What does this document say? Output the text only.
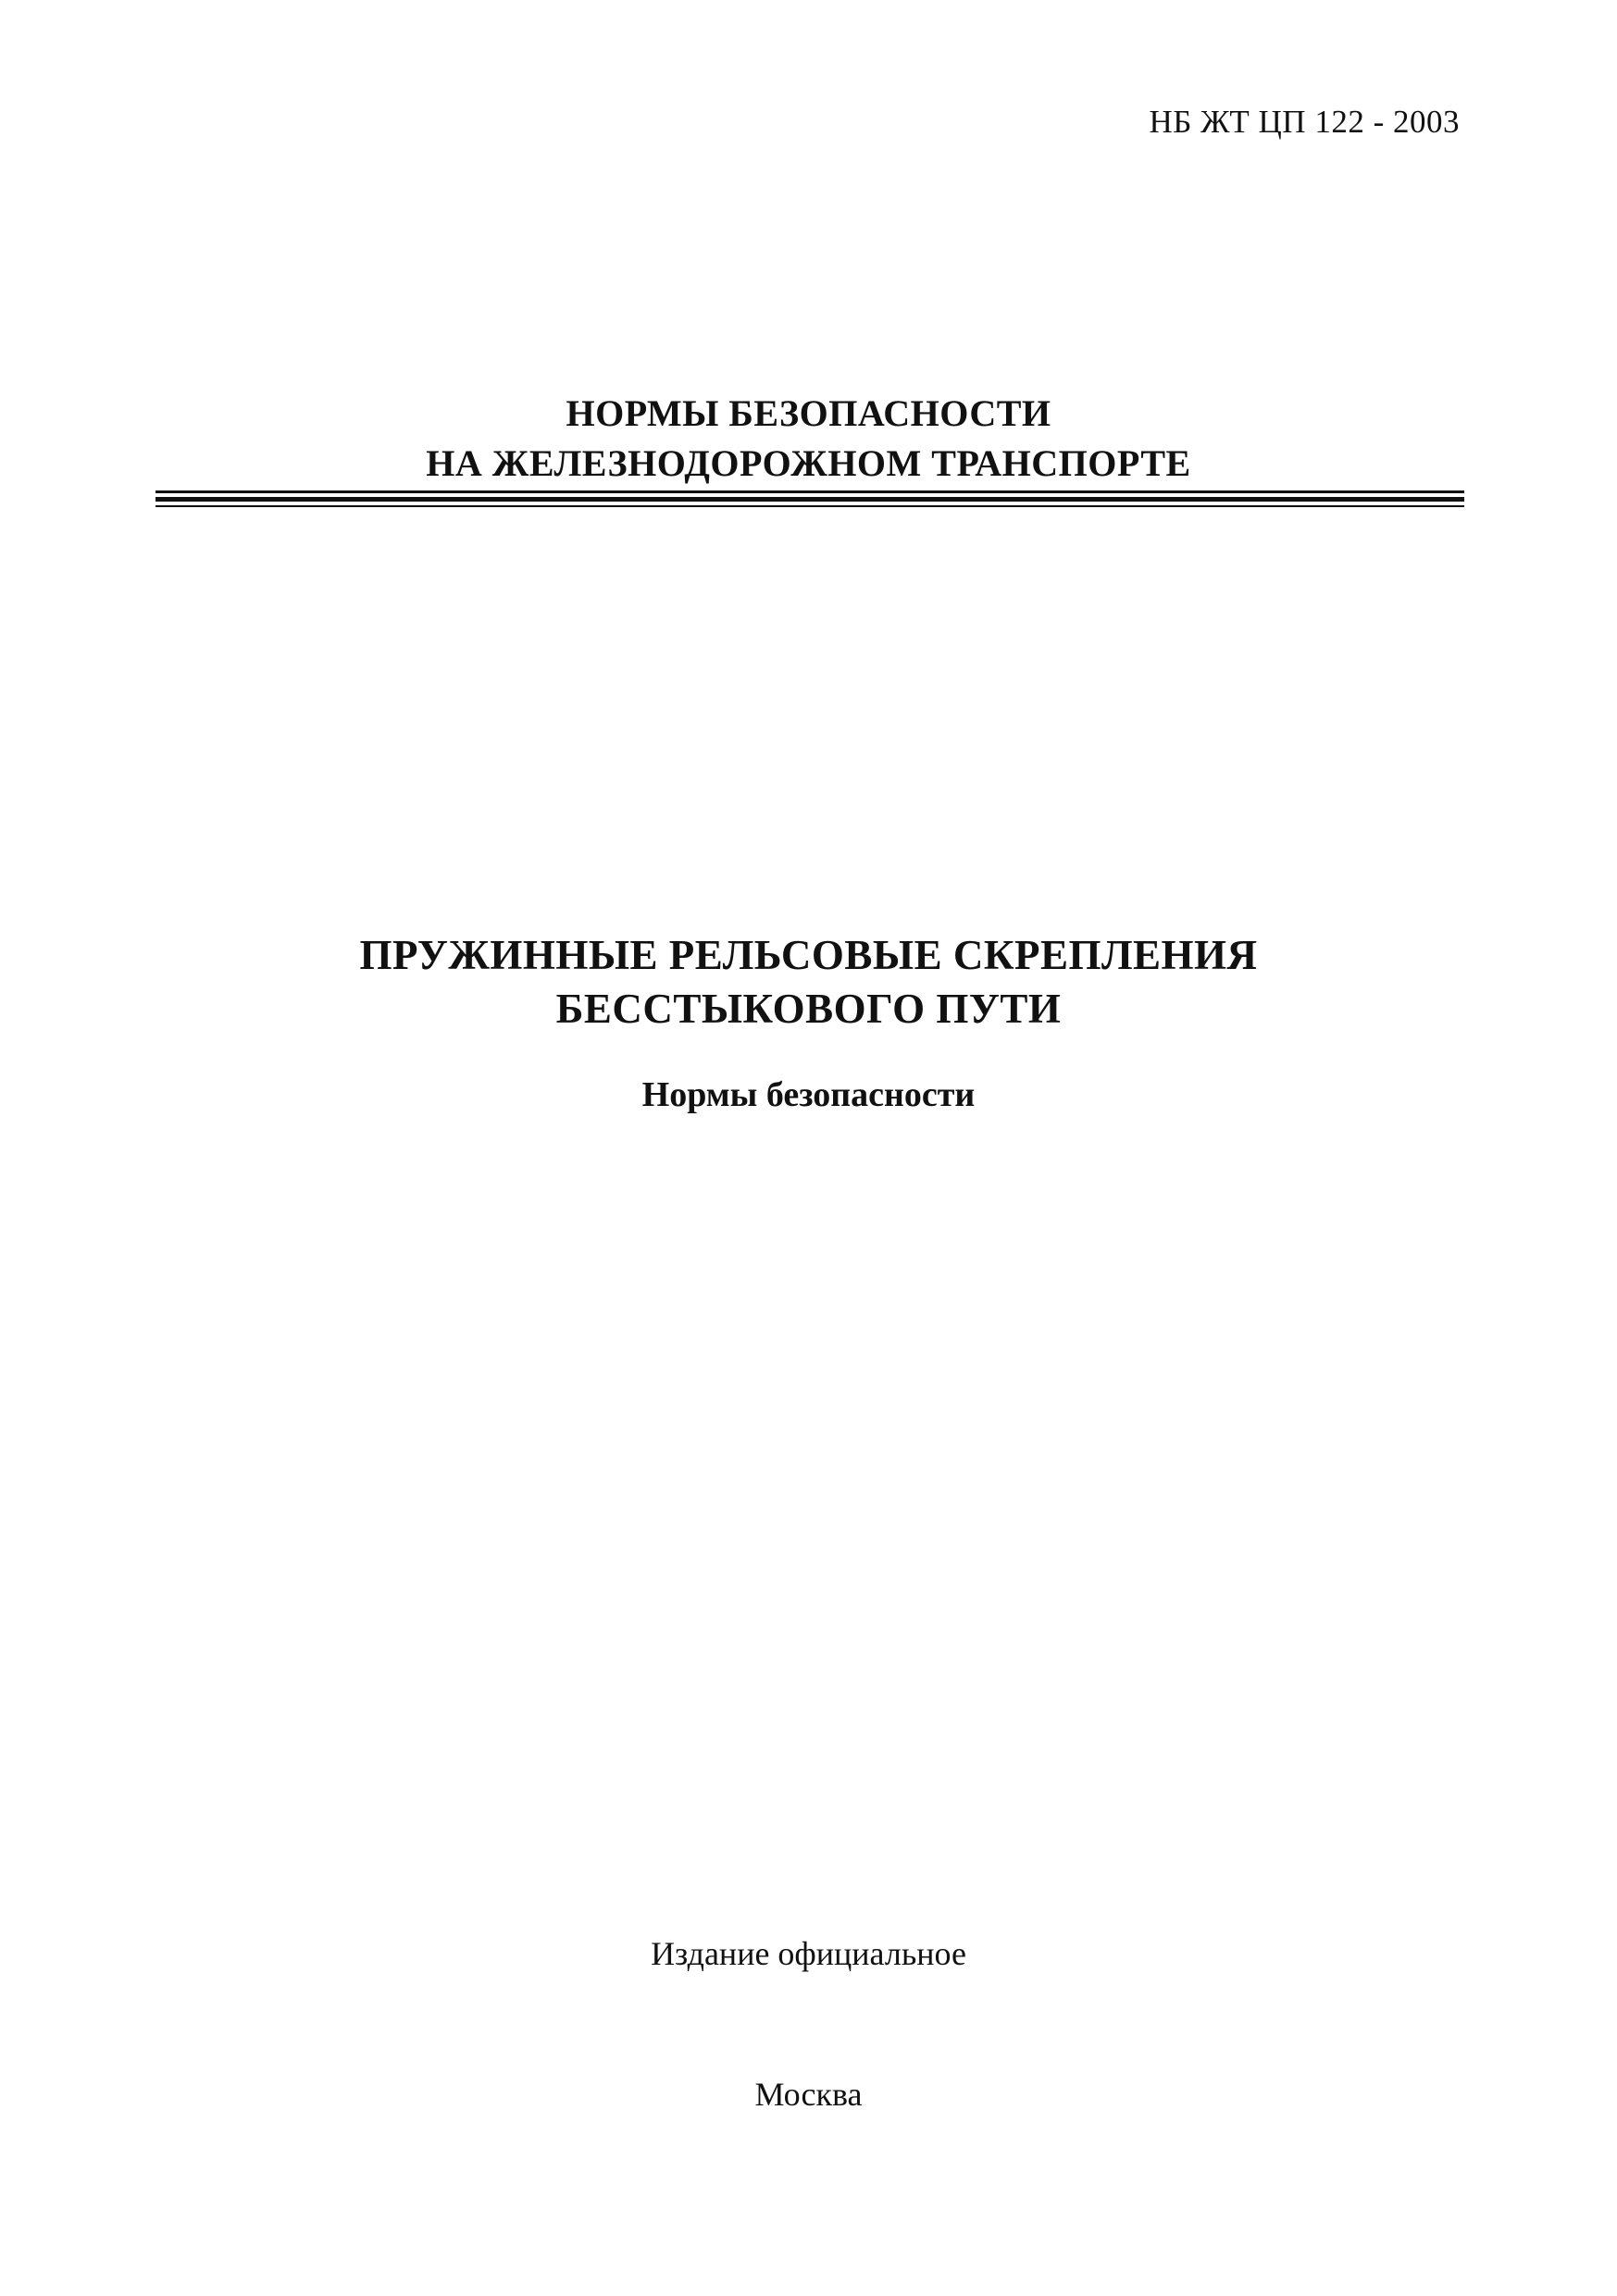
НБ ЖТ ЦП 122 - 2003
НОРМЫ БЕЗОПАСНОСТИ
НА ЖЕЛЕЗНОДОРОЖНОМ ТРАНСПОРТЕ
ПРУЖИННЫЕ РЕЛЬСОВЫЕ СКРЕПЛЕНИЯ
БЕССТЫКОВОГО ПУТИ
Нормы безопасности
Издание официальное
Москва
